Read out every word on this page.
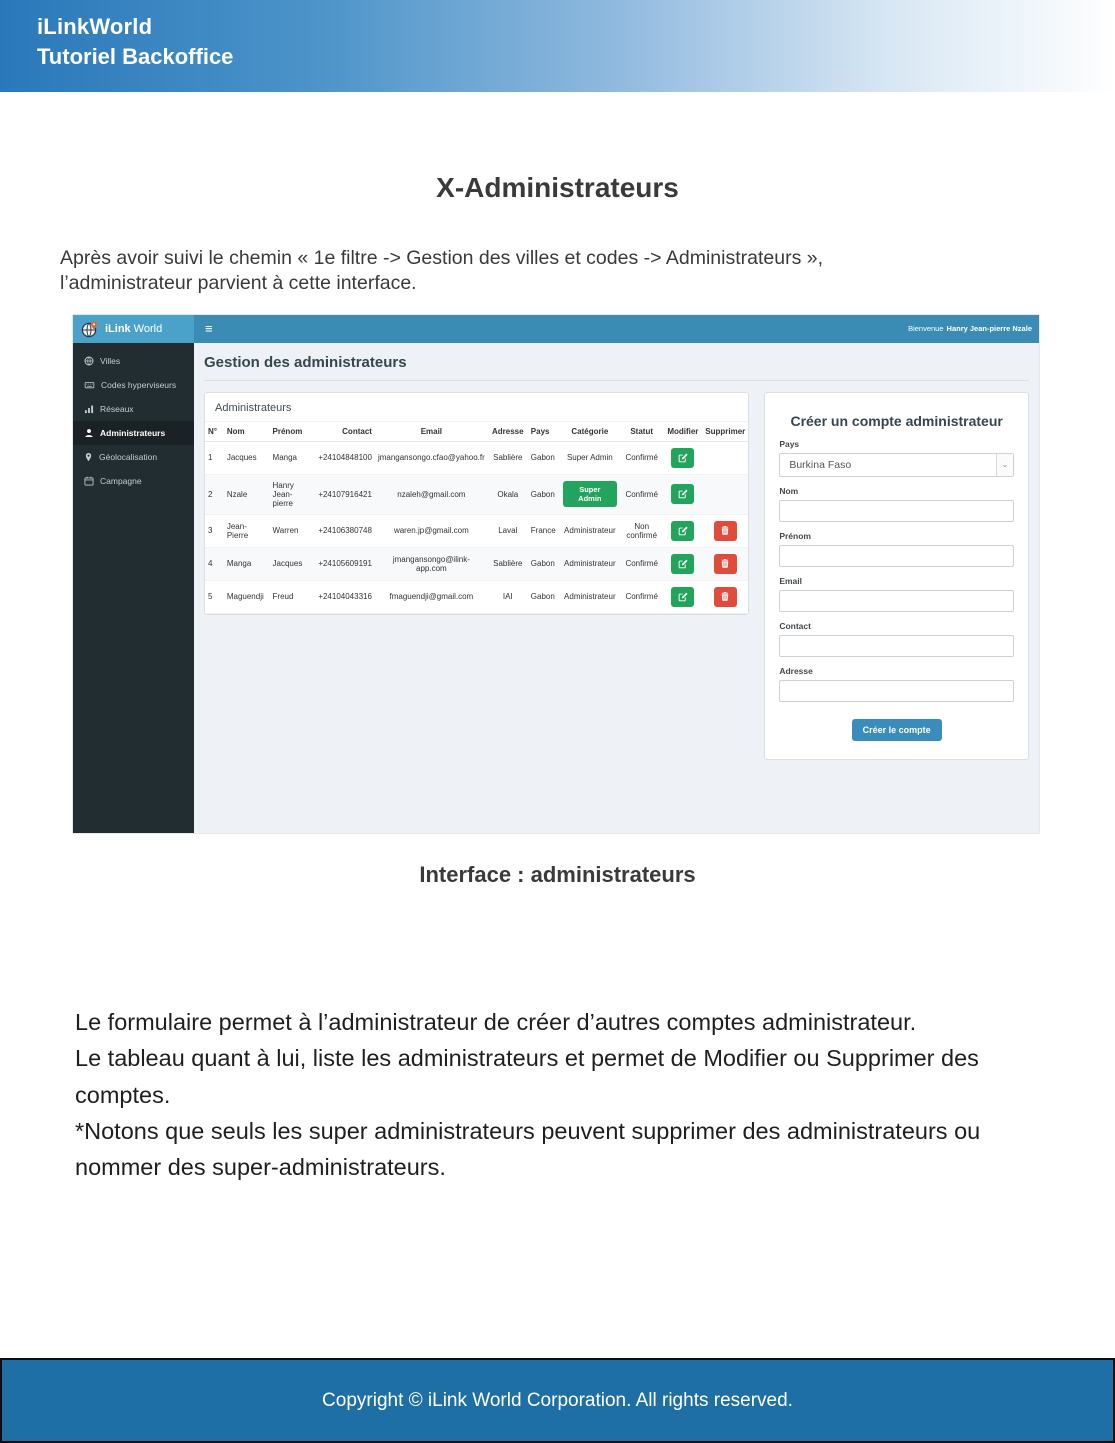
iLinkWorld
Tutoriel Backoffice
X-Administrateurs
Après avoir suivi le chemin « 1e filtre -> Gestion des villes et codes -> Administrateurs »,
l’administrateur parvient à cette interface.
iLink World	≡	Bienvenue Hanry Jean-pierre Nzale
Villes
Codes hyperviseurs
Réseaux
Administrateurs
Géolocalisation
Campagne
Gestion des administrateurs
Administrateurs
N°	Nom	Prénom	Contact	Email	Adresse	Pays	Catégorie	Statut	Modifier	Supprimer
1	Jacques	Manga	+24104848100	jmangansongo.cfao@yahoo.fr	Sablière	Gabon	Super Admin	Confirmé	

2	Nzale	Hanry Jean-pierre	+24107916421	nzaleh@gmail.com	Okala	Gabon	Super Admin	Confirmé	

3	Jean-Pierre	Warren	+24106380748	waren.jp@gmail.com	Laval	France	Administrateur	Non confirmé	

4	Manga	Jacques	+24105609191	jmangansongo@ilink-app.com	Sablière	Gabon	Administrateur	Confirmé	

5	Maguendji	Freud	+24104043316	fmaguendji@gmail.com	IAI	Gabon	Administrateur	Confirmé	

Créer un compte administrateur
Pays
Burkina Faso	⌄
Nom
Prénom
Email
Contact
Adresse
Créer le compte
Interface : administrateurs
Le formulaire permet à l’administrateur de créer d’autres comptes administrateur.
Le tableau quant à lui, liste les administrateurs et permet de Modifier ou Supprimer des comptes.
*Notons que seuls les super administrateurs peuvent supprimer des administrateurs ou nommer des super-administrateurs.
Copyright © iLink World Corporation. All rights reserved.
